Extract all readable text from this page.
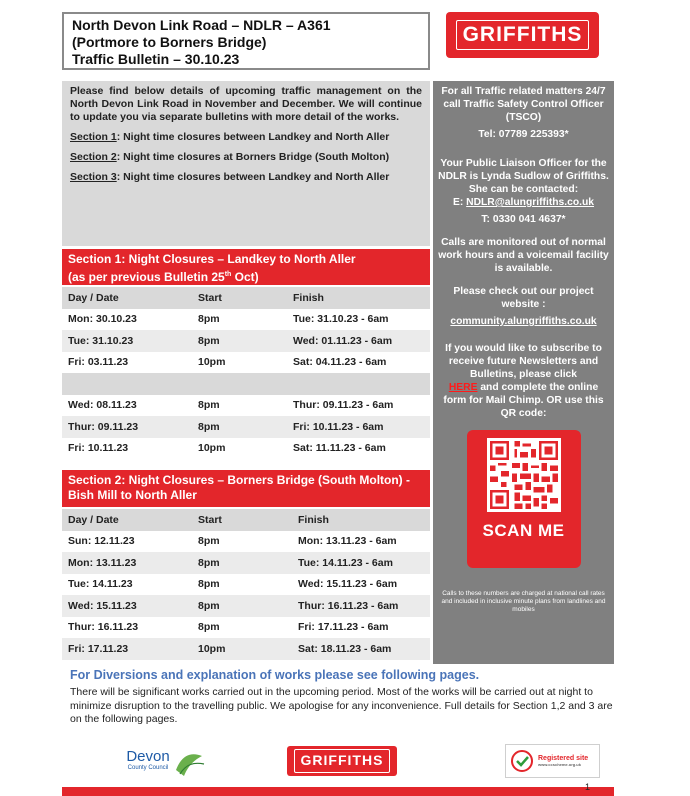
North Devon Link Road – NDLR – A361
(Portmore to Borners Bridge)
Traffic Bulletin – 30.10.23
GRIFFITHS

Please find below details of upcoming traffic management on the North Devon Link Road in November and December. We will continue to update you via separate bulletins with more detail of the works.

Section 1: Night time closures between Landkey and North Aller

Section 2: Night time closures at Borners Bridge (South Molton)

Section 3: Night time closures between Landkey and North Aller

For all Traffic related matters 24/7 call Traffic Safety Control Officer (TSCO)
Tel: 07789 225393*
Your Public Liaison Officer for the NDLR is Lynda Sudlow of Griffiths. She can be contacted:
E: NDLR@alungriffiths.co.uk
T: 0330 041 4637*
Calls are monitored out of normal work hours and a voicemail facility is available.
Please check out our project website :
community.alungriffiths.co.uk
If you would like to subscribe to receive future Newsletters and Bulletins, please click
HERE and complete the online form for Mail Chimp. OR use this QR code:
SCAN ME
Calls to these numbers are charged at national call rates and included in inclusive minute plans from landlines and mobiles
Section 1: Night Closures – Landkey to North Aller
(as per previous Bulletin 25th Oct)
Day / Date	Start	Finish
Mon: 30.10.23	8pm	Tue: 31.10.23 - 6am
Tue: 31.10.23	8pm	Wed: 01.11.23 - 6am
Fri: 03.11.23	10pm	Sat: 04.11.23 - 6am

Wed: 08.11.23	8pm	Thur: 09.11.23 - 6am
Thur: 09.11.23	8pm	Fri: 10.11.23 - 6am
Fri: 10.11.23	10pm	Sat: 11.11.23 - 6am
Section 2: Night Closures – Borners Bridge (South Molton) - Bish Mill to North Aller
Day / Date	Start	Finish
Sun: 12.11.23	8pm	Mon: 13.11.23 - 6am
Mon: 13.11.23	8pm	Tue: 14.11.23 - 6am
Tue: 14.11.23	8pm	Wed: 15.11.23 - 6am
Wed: 15.11.23	8pm	Thur: 16.11.23 - 6am
Thur: 16.11.23	8pm	Fri: 17.11.23 - 6am
Fri: 17.11.23	10pm	Sat: 18.11.23 - 6am
For Diversions and explanation of works please see following pages.
There will be significant works carried out in the upcoming period. Most of the works will be carried out at night to minimize disruption to the travelling public. We apologise for any inconvenience. Full details for Section 1,2 and 3 are on the following pages.
Devon
County Council	GRIFFITHS	Registered site
www.ccscheme.org.uk
1
